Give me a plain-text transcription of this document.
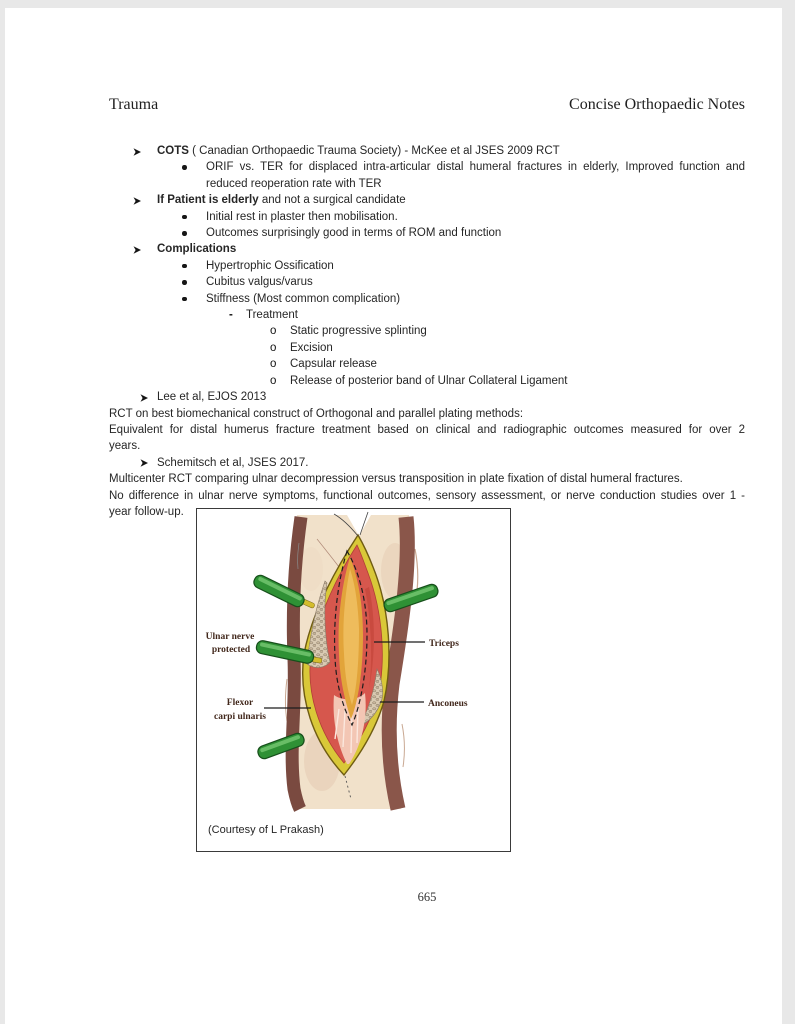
Trauma	Concise Orthopaedic Notes
COTS ( Canadian Orthopaedic Trauma Society) - McKee et al JSES 2009 RCT
ORIF vs. TER for displaced intra-articular distal humeral fractures in elderly, Improved function and
reduced reoperation rate with TER
If Patient is elderly and not a surgical candidate
Initial rest in plaster then mobilisation.
Outcomes surprisingly good in terms of ROM and function
Complications
Hypertrophic Ossification
Cubitus valgus/varus
Stiffness (Most common complication)
- Treatment
o Static progressive splinting
o Excision
o Capsular release
o Release of posterior band of Ulnar Collateral Ligament
Lee et al, EJOS 2013
RCT on best biomechanical construct of Orthogonal and parallel plating methods:
Equivalent for distal humerus fracture treatment based on clinical and radiographic outcomes measured for over 2
years.
Schemitsch et al, JSES 2017.
Multicenter RCT comparing ulnar decompression versus transposition in plate fixation of distal humeral fractures.
No difference in ulnar nerve symptoms, functional outcomes, sensory assessment, or nerve conduction studies over 1 -
year follow-up.
Ulnar nerve
protected
Triceps
Flexor
carpi ulnaris
Anconeus
(Courtesy of L Prakash)
665
